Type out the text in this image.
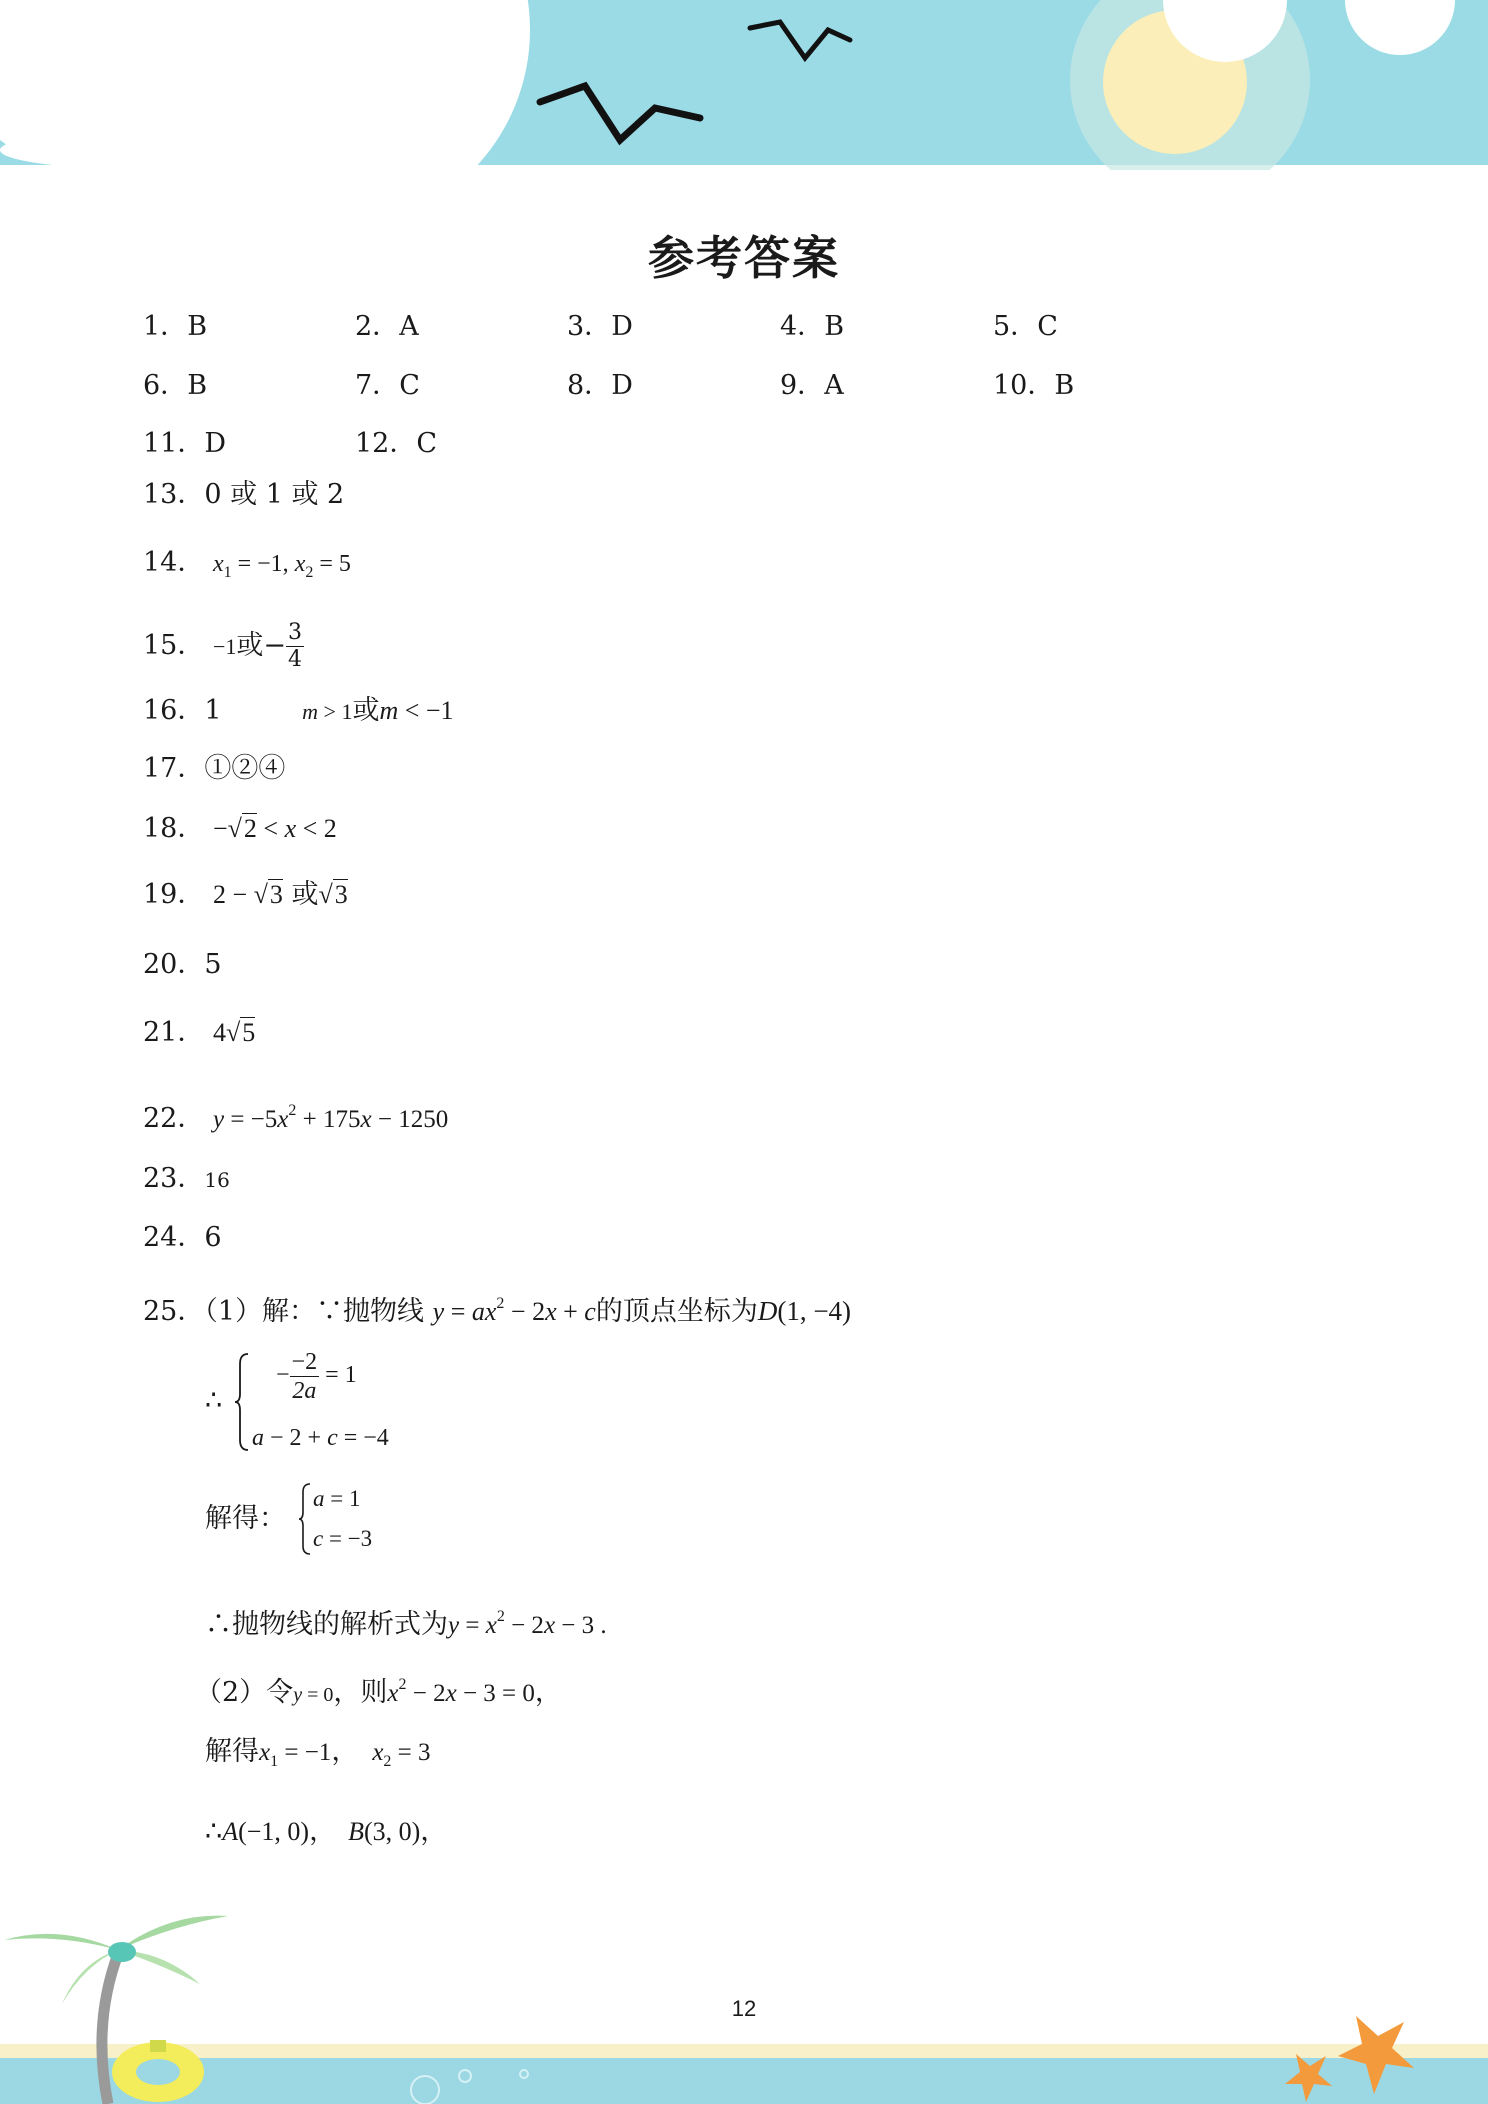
参考答案
1．B	2．A	3．D	4．B	5．C
6．B	7．C	8．D	9．A	10．B
11．D	12．C
13．0 或 1 或 2
14． $x_1 = -1$, $x_2 = 5$
15． −1或− $\frac{3}{4}$
16．1	m > 1或m < −1
17．①②④
18． −√2 < x < 2
19． 2 − √3 或√3
20．5
21． 4√5
22． $y = -5x^2 + 175x - 1250$
23．16
24．6
25．（1）解：∵抛物线 $y = ax^2 - 2x + c$的顶点坐标为D(1, −4)
∴
− $\frac{-2}{2a} = 1$
a − 2 + c = −4
解得：
a = 1
c = −3
∴抛物线的解析式为$y = x^2 - 2x - 3$ .
（2）令y = 0，则$x^2 - 2x - 3 = 0$，
解得$x_1 = -1$， $x_2 = 3$
∴A(−1, 0)， B(3, 0)，
12
